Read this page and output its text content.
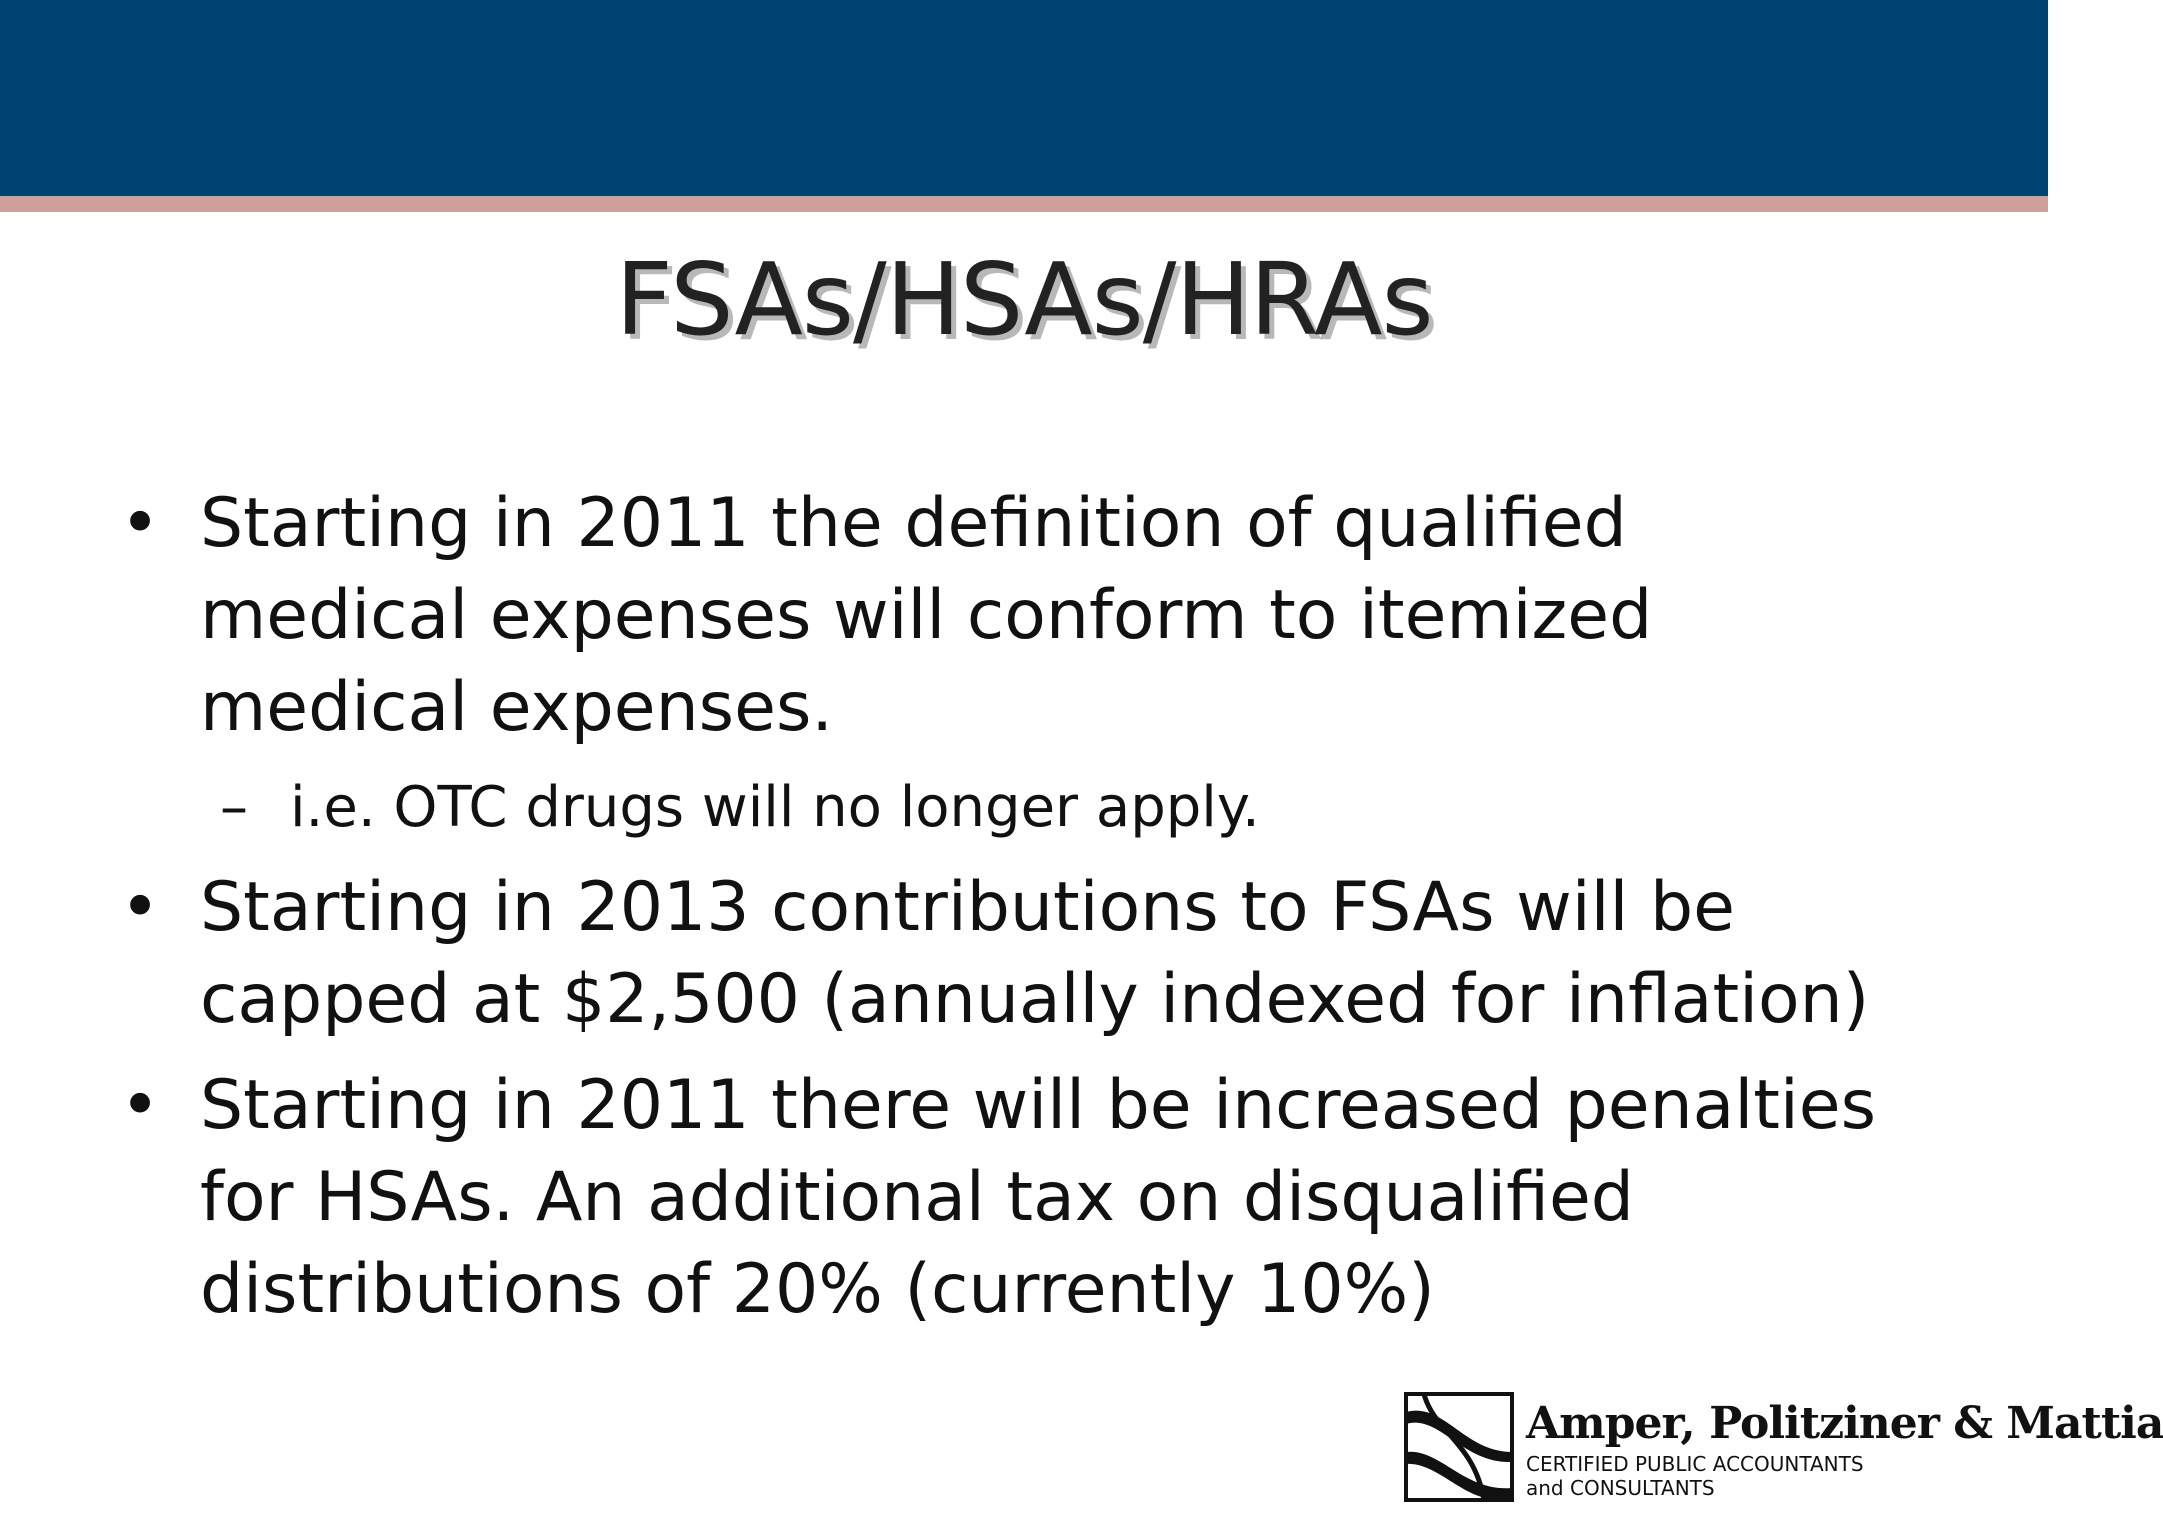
FSAs/HSAs/HRAs
• Starting in 2011 the definition of qualified
medical expenses will conform to itemized
medical expenses.
– i.e. OTC drugs will no longer apply.
• Starting in 2013 contributions to FSAs will be
capped at $2,500 (annually indexed for inflation)
• Starting in 2011 there will be increased penalties
for HSAs. An additional tax on disqualified
distributions of 20% (currently 10%)
Amper, Politziner & Mattia
CERTIFIED PUBLIC ACCOUNTANTS
and CONSULTANTS
